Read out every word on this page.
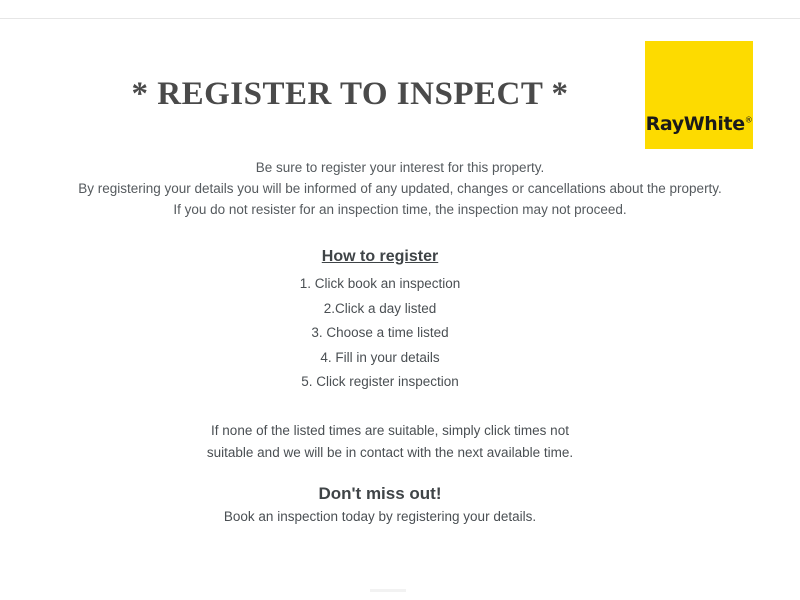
RayWhite®
* REGISTER TO INSPECT *
Be sure to register your interest for this property.
By registering your details you will be informed of any updated, changes or cancellations about the property.
If you do not resister for an inspection time, the inspection may not proceed.
How to register
1. Click book an inspection
2.Click a day listed
3. Choose a time listed
4. Fill in your details
5. Click register inspection
If none of the listed times are suitable, simply click times not
suitable and we will be in contact with the next available time.
Don't miss out!
Book an inspection today by registering your details.
